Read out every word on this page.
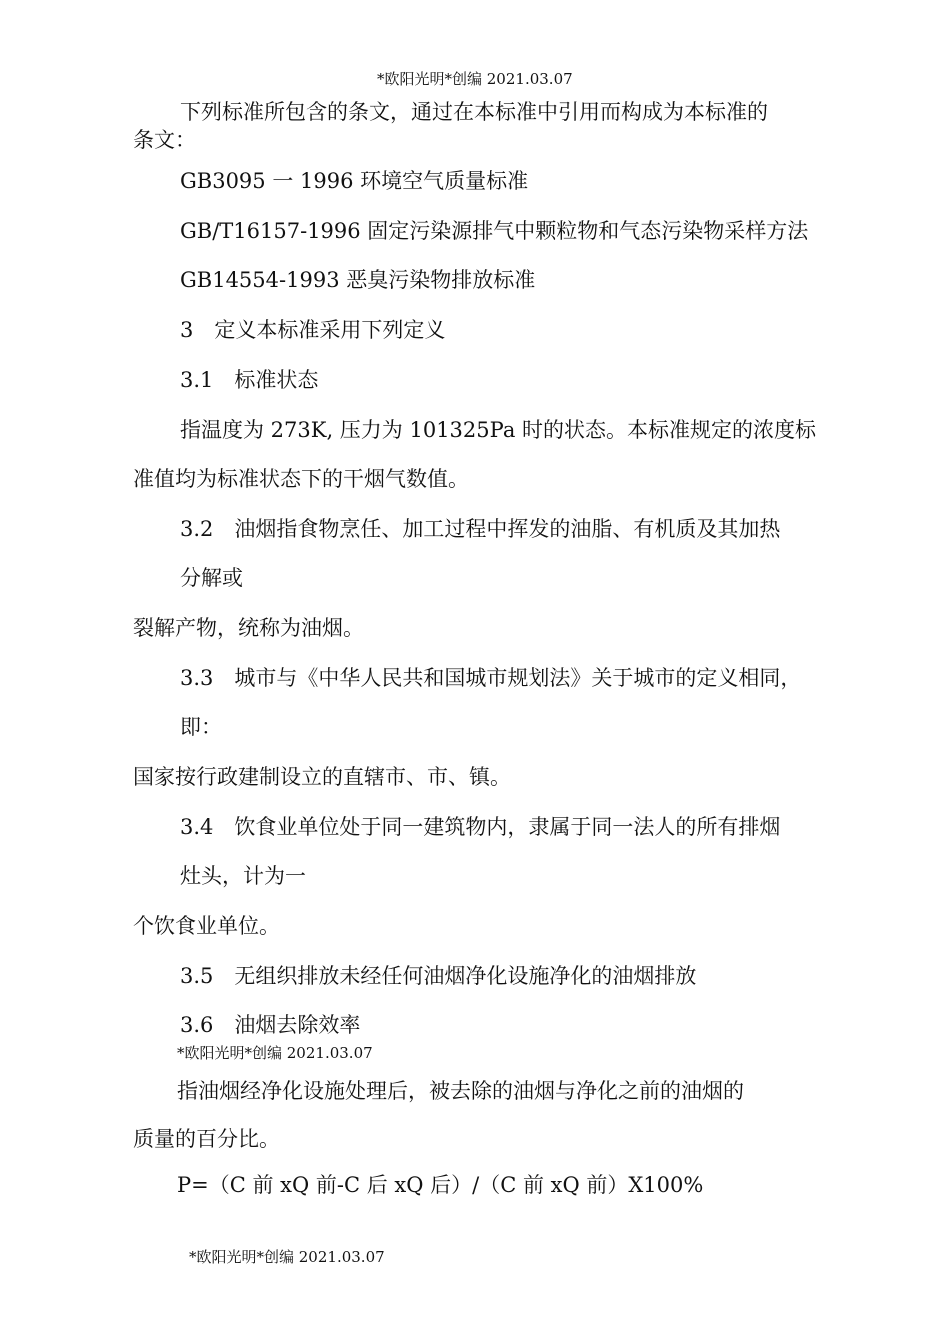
*欧阳光明*创编 2021.03.07
下列标准所包含的条文，通过在本标准中引用而构成为本标准的
条文：
GB3095 一 1996 环境空气质量标准
GB/T16157-1996 固定污染源排气中颗粒物和气态污染物采样方法
GB14554-1993 恶臭污染物排放标准
3　定义本标准采用下列定义
3.1　标准状态
指温度为 273K, 压力为 101325Pa 时的状态。本标准规定的浓度标
准值均为标准状态下的干烟气数值。
3.2　油烟指食物烹任、加工过程中挥发的油脂、有机质及其加热
分解或
裂解产物，统称为油烟。
3.3　城市与《中华人民共和国城市规划法》关于城市的定义相同，
即：
国家按行政建制设立的直辖市、市、镇。
3.4　饮食业单位处于同一建筑物内，隶属于同一法人的所有排烟
灶头，计为一
个饮食业单位。
3.5　无组织排放未经任何油烟净化设施净化的油烟排放
3.6　油烟去除效率
*欧阳光明*创编 2021.03.07
指油烟经净化设施处理后，被去除的油烟与净化之前的油烟的
质量的百分比。
P=（C 前 xQ 前-C 后 xQ 后）/（C 前 xQ 前）X100%
*欧阳光明*创编 2021.03.07
